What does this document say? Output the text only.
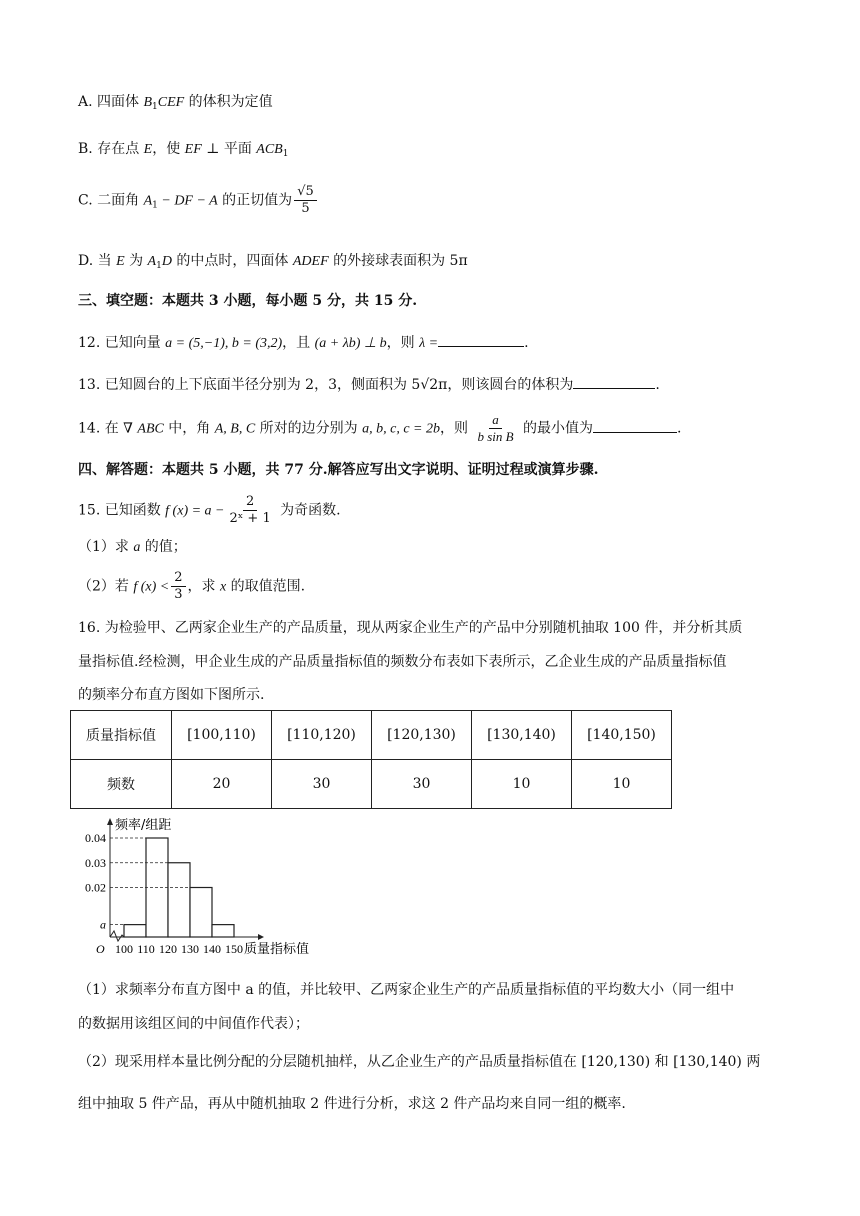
A. 四面体 $B_1CEF$ 的体积为定值
B. 存在点 E，使 EF ⊥ 平面 $ACB_1$
C. 二面角 $A_1$ − DF − A 的正切值为 $\frac{√5}{5}$
D. 当 E 为 $A_1D$ 的中点时，四面体 ADEF 的外接球表面积为 5π
三、填空题：本题共 3 小题，每小题 5 分，共 15 分.
12. 已知向量 a = (5,−1), b = (3,2)，且 (a + λb) ⊥ b，则 λ =	.
13. 已知圆台的上下底面半径分别为 2，3，侧面积为 5√2π，则该圆台的体积为	.
14. 在 ∇ ABC 中，角 A, B, C 所对的边分别为 a, b, c, c = 2b，则 $\frac{a}{\text{b sin B}}$ 的最小值为	.
四、解答题：本题共 5 小题，共 77 分.解答应写出文字说明、证明过程或演算步骤.
15. 已知函数 f $(x) = a - \frac{2}{\text{2ˣ + 1}}$ 为奇函数.
（1）求 a 的值；
（2）若 f $(x) < \frac{2}{3}$ ，求 x 的取值范围.
16. 为检验甲、乙两家企业生产的产品质量，现从两家企业生产的产品中分别随机抽取 100 件，并分析其质
量指标值.经检测，甲企业生成的产品质量指标值的频数分布表如下表所示，乙企业生成的产品质量指标值
的频率分布直方图如下图所示.
质量指标值	[100,110)	[110,120)	[120,130)	[130,140)	[140,150)
频数	20	30	30	10	10
a
0.02
0.03
0.04
100 110 120 130 140 150
O
频率/组距
质量指标值
（1）求频率分布直方图中 a 的值，并比较甲、乙两家企业生产的产品质量指标值的平均数大小（同一组中
的数据用该组区间的中间值作代表）；
（2）现采用样本量比例分配的分层随机抽样，从乙企业生产的产品质量指标值在 [120,130) 和 [130,140) 两
组中抽取 5 件产品，再从中随机抽取 2 件进行分析，求这 2 件产品均来自同一组的概率.
